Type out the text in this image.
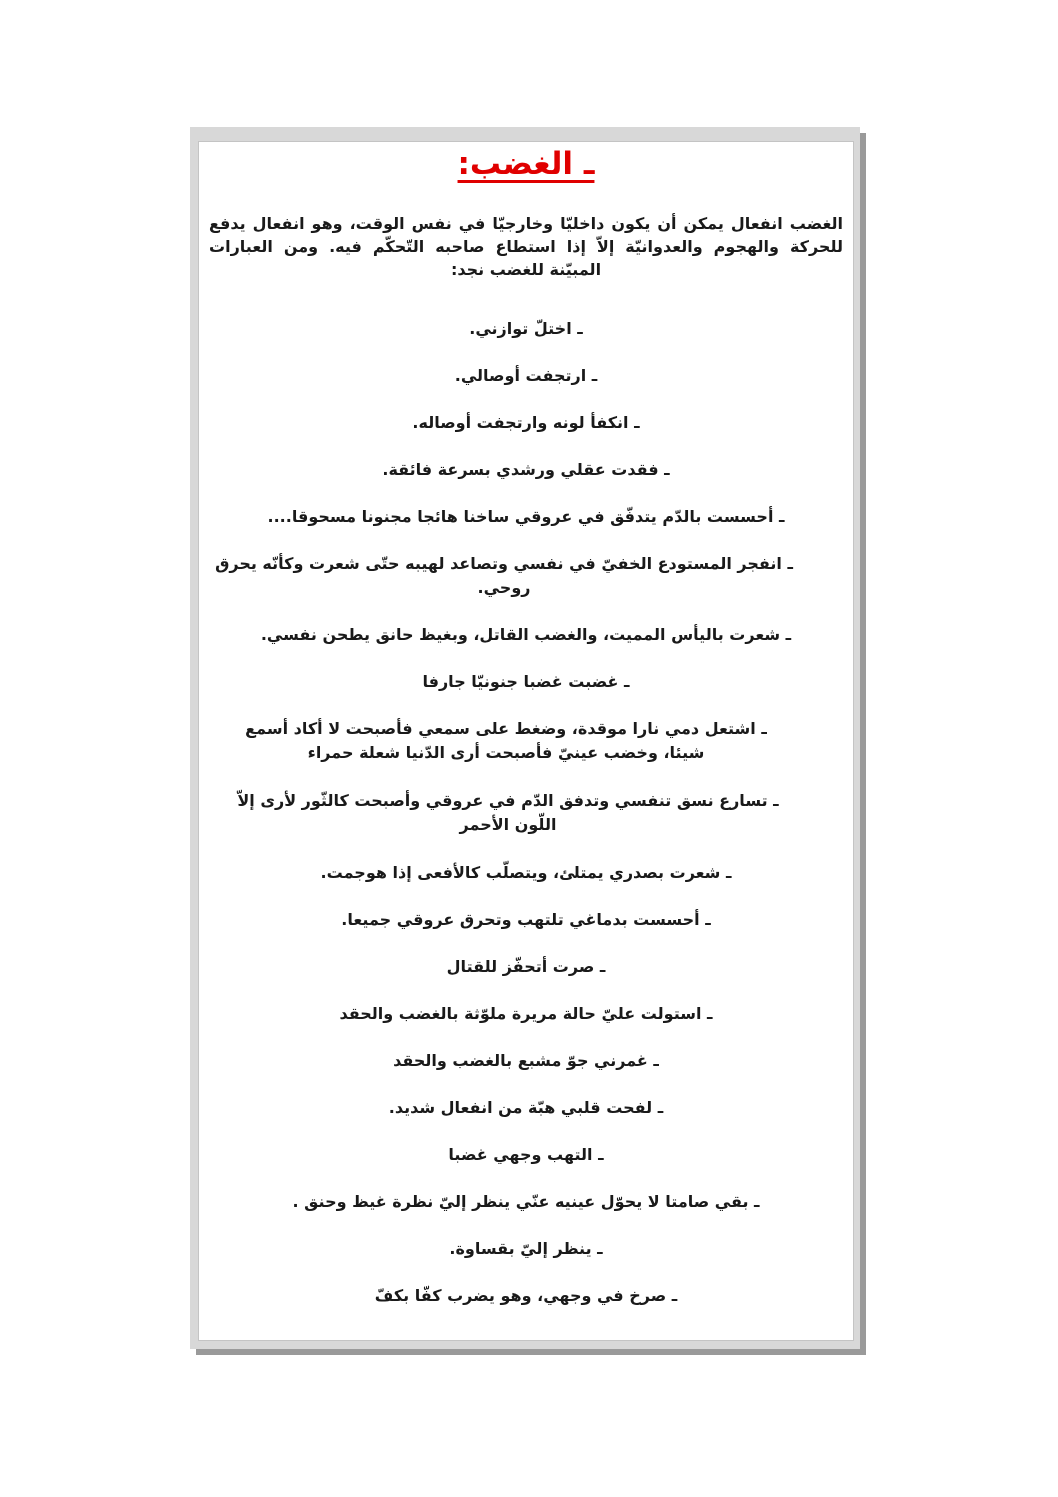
ـ الغضب:
الغضب انفعال يمكن أن يكون داخليّا وخارجيّا في نفس الوقت، وهو انفعال يدفع للحركة والهجوم والعدوانيّة إلاّ إذا استطاع صاحبه التّحكّم فيه. ومن العبارات المبيّنة للغضب نجد:
ـ اختلّ توازني.
ـ ارتجفت أوصالي.
ـ انكفأ لونه وارتجفت أوصاله.
ـ فقدت عقلي ورشدي بسرعة فائقة.
ـ أحسست بالدّم يتدفّق في عروقي ساخنا هائجا مجنونا مسحوقا....
ـ انفجر المستودع الخفيّ في نفسي وتصاعد لهيبه حتّى شعرت وكأنّه يحرق روحي.
ـ شعرت باليأس المميت، والغضب القاتل، وبغيظ حانق يطحن نفسي.
ـ غضبت غضبا جنونيّا جارفا
ـ اشتعل دمي نارا موقدة، وضغط على سمعي فأصبحت لا أكاد أسمع شيئا، وخضب عينيّ فأصبحت أرى الدّنيا شعلة حمراء
ـ تسارع نسق تنفسي وتدفق الدّم في عروقي وأصبحت كالثّور لأرى إلاّ اللّون الأحمر
ـ شعرت بصدري يمتلئ، ويتصلّب كالأفعى إذا هوجمت.
ـ أحسست بدماغي تلتهب وتحرق عروقي جميعا.
ـ صرت أتحفّز للقتال
ـ استولت عليّ حالة مريرة ملوّثة بالغضب والحقد
ـ غمرني جوّ مشبع بالغضب والحقد
ـ لفحت قلبي هبّة من انفعال شديد.
ـ التهب وجهي غضبا
ـ بقي صامتا لا يحوّل عينيه عنّي ينظر إليّ نظرة غيظ وحنق .
ـ ينظر إليّ بقساوة.
ـ صرخ في وجهي، وهو يضرب كفّا بكفّ
